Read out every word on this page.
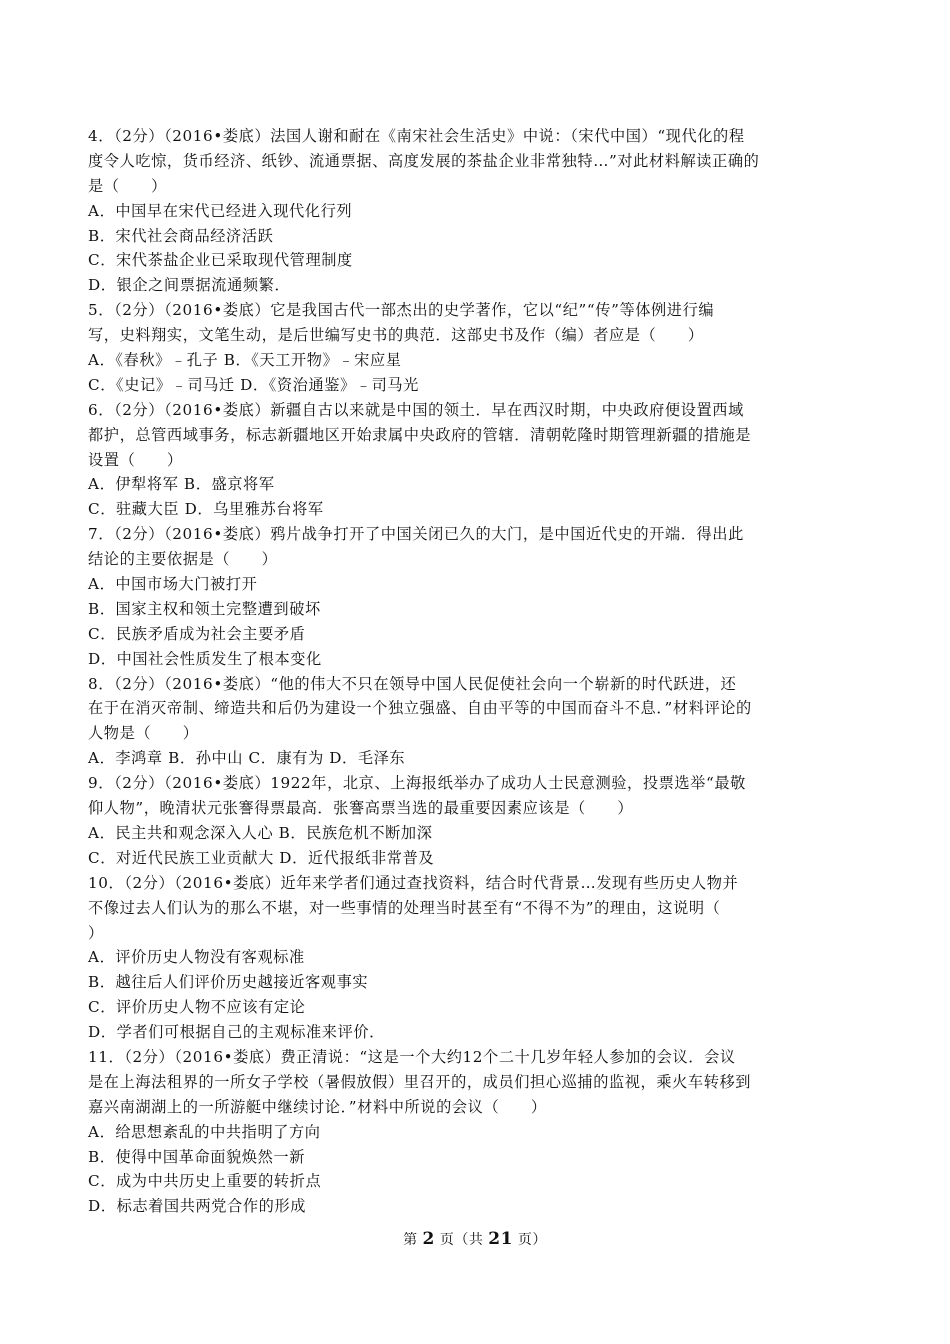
4．（2分）（2016•娄底）法国人谢和耐在《南宋社会生活史》中说：（宋代中国）“现代化的程
度令人吃惊，货币经济、纸钞、流通票据、高度发展的茶盐企业非常独特…”对此材料解读正确的
是（　　）
A．中国早在宋代已经进入现代化行列
B．宋代社会商品经济活跃
C．宋代茶盐企业已采取现代管理制度
D．银企之间票据流通频繁．
5．（2分）（2016•娄底）它是我国古代一部杰出的史学著作，它以“纪”“传”等体例进行编
写，史料翔实，文笔生动，是后世编写史书的典范．这部史书及作（编）者应是（　　）
A．《春秋》﹣孔子 B．《天工开物》﹣宋应星
C．《史记》﹣司马迁 D．《资治通鉴》﹣司马光
6．（2分）（2016•娄底）新疆自古以来就是中国的领土．早在西汉时期，中央政府便设置西域
都护，总管西域事务，标志新疆地区开始隶属中央政府的管辖．清朝乾隆时期管理新疆的措施是
设置（　　）
A．伊犁将军 B．盛京将军
C．驻藏大臣 D．乌里雅苏台将军
7．（2分）（2016•娄底）鸦片战争打开了中国关闭已久的大门，是中国近代史的开端．得出此
结论的主要依据是（　　）
A．中国市场大门被打开
B．国家主权和领土完整遭到破坏
C．民族矛盾成为社会主要矛盾
D．中国社会性质发生了根本变化
8．（2分）（2016•娄底）“他的伟大不只在领导中国人民促使社会向一个崭新的时代跃进，还
在于在消灭帝制、缔造共和后仍为建设一个独立强盛、自由平等的中国而奋斗不息．”材料评论的
人物是（　　）
A．李鸿章 B．孙中山 C．康有为 D．毛泽东
9．（2分）（2016•娄底）1922年，北京、上海报纸举办了成功人士民意测验，投票选举“最敬
仰人物”，晚清状元张謇得票最高．张謇高票当选的最重要因素应该是（　　）
A．民主共和观念深入人心 B．民族危机不断加深
C．对近代民族工业贡献大 D．近代报纸非常普及
10．（2分）（2016•娄底）近年来学者们通过查找资料，结合时代背景…发现有些历史人物并
不像过去人们认为的那么不堪，对一些事情的处理当时甚至有“不得不为”的理由，这说明（
）
A．评价历史人物没有客观标准
B．越往后人们评价历史越接近客观事实
C．评价历史人物不应该有定论
D．学者们可根据自己的主观标准来评价．
11．（2分）（2016•娄底）费正清说：“这是一个大约12个二十几岁年轻人参加的会议．会议
是在上海法租界的一所女子学校（暑假放假）里召开的，成员们担心巡捕的监视，乘火车转移到
嘉兴南湖湖上的一所游艇中继续讨论．”材料中所说的会议（　　）
A．给思想紊乱的中共指明了方向
B．使得中国革命面貌焕然一新
C．成为中共历史上重要的转折点
D．标志着国共两党合作的形成
第 2 页（共 21 页）
